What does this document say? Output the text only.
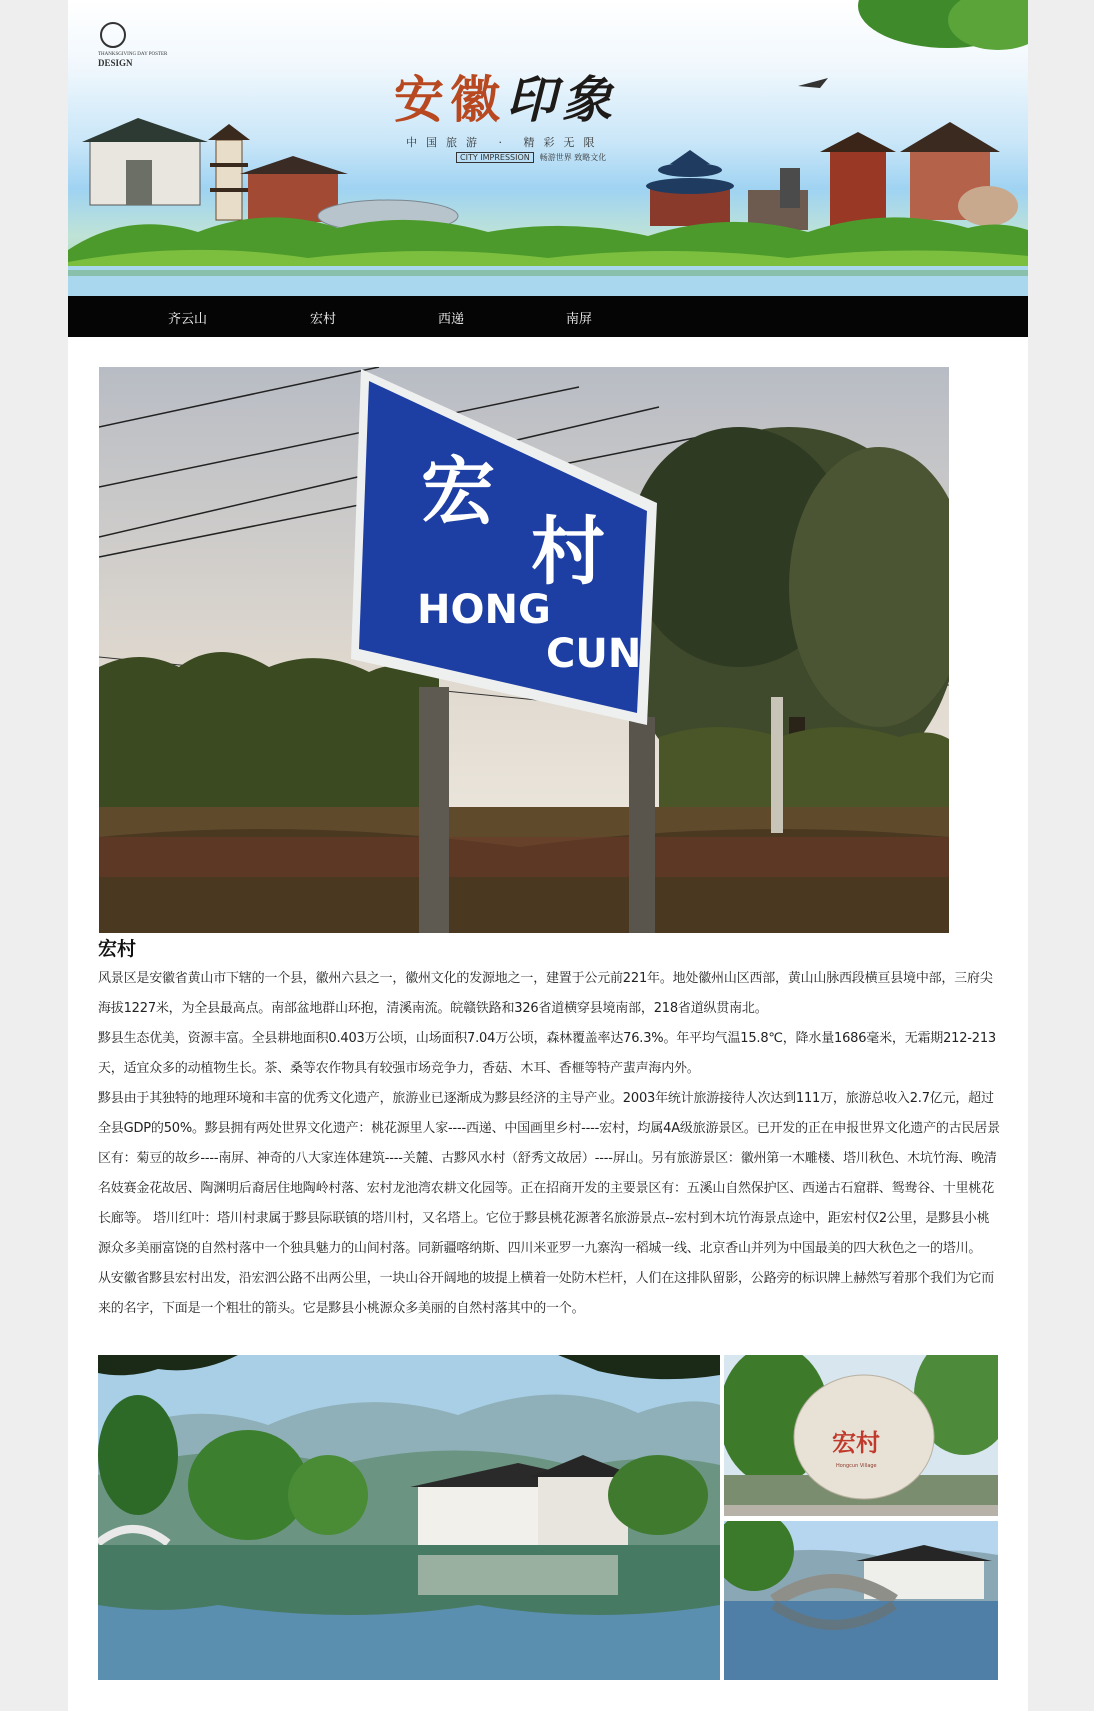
THANKSGIVING DAY POSTER
DESIGN
安徽印象
中国旅游 · 精彩无限
CITY IMPRESSION 畅游世界 致略文化
齐云山	宏村	西递	南屏
宏
村
HONG
CUN
宏村

风景区是安徽省黄山市下辖的一个县，徽州六县之一，徽州文化的发源地之一，建置于公元前221年。地处徽州山区西部，黄山山脉西段横亘县境中部，三府尖海拔1227米，为全县最高点。南部盆地群山环抱，清溪南流。皖赣铁路和326省道横穿县境南部，218省道纵贯南北。

黟县生态优美，资源丰富。全县耕地面积0.403万公顷，山场面积7.04万公顷，森林覆盖率达76.3%。年平均气温15.8℃，降水量1686毫米，无霜期212-213天，适宜众多的动植物生长。茶、桑等农作物具有较强市场竞争力，香菇、木耳、香榧等特产蜚声海内外。

黟县由于其独特的地理环境和丰富的优秀文化遗产，旅游业已逐渐成为黟县经济的主导产业。2003年统计旅游接待人次达到111万，旅游总收入2.7亿元，超过全县GDP的50%。黟县拥有两处世界文化遗产：桃花源里人家----西递、中国画里乡村----宏村，均属4A级旅游景区。已开发的正在申报世界文化遗产的古民居景区有：菊豆的故乡----南屏、神奇的八大家连体建筑----关麓、古黟风水村（舒秀文故居）----屏山。另有旅游景区：徽州第一木雕楼、塔川秋色、木坑竹海、晚清名妓赛金花故居、陶渊明后裔居住地陶岭村落、宏村龙池湾农耕文化园等。正在招商开发的主要景区有：五溪山自然保护区、西递古石窟群、鸳鸯谷、十里桃花长廊等。 塔川红叶：塔川村隶属于黟县际联镇的塔川村，又名塔上。它位于黟县桃花源著名旅游景点--宏村到木坑竹海景点途中，距宏村仅2公里，是黟县小桃源众多美丽富饶的自然村落中一个独具魅力的山间村落。同新疆喀纳斯、四川米亚罗一九寨沟一稻城一线、北京香山并列为中国最美的四大秋色之一的塔川。

从安徽省黟县宏村出发，沿宏泗公路不出两公里，一块山谷开阔地的坡提上横着一处防木栏杆，人们在这排队留影，公路旁的标识牌上赫然写着那个我们为它而来的名字，下面是一个粗壮的箭头。它是黟县小桃源众多美丽的自然村落其中的一个。

宏村
Hongcun Village
